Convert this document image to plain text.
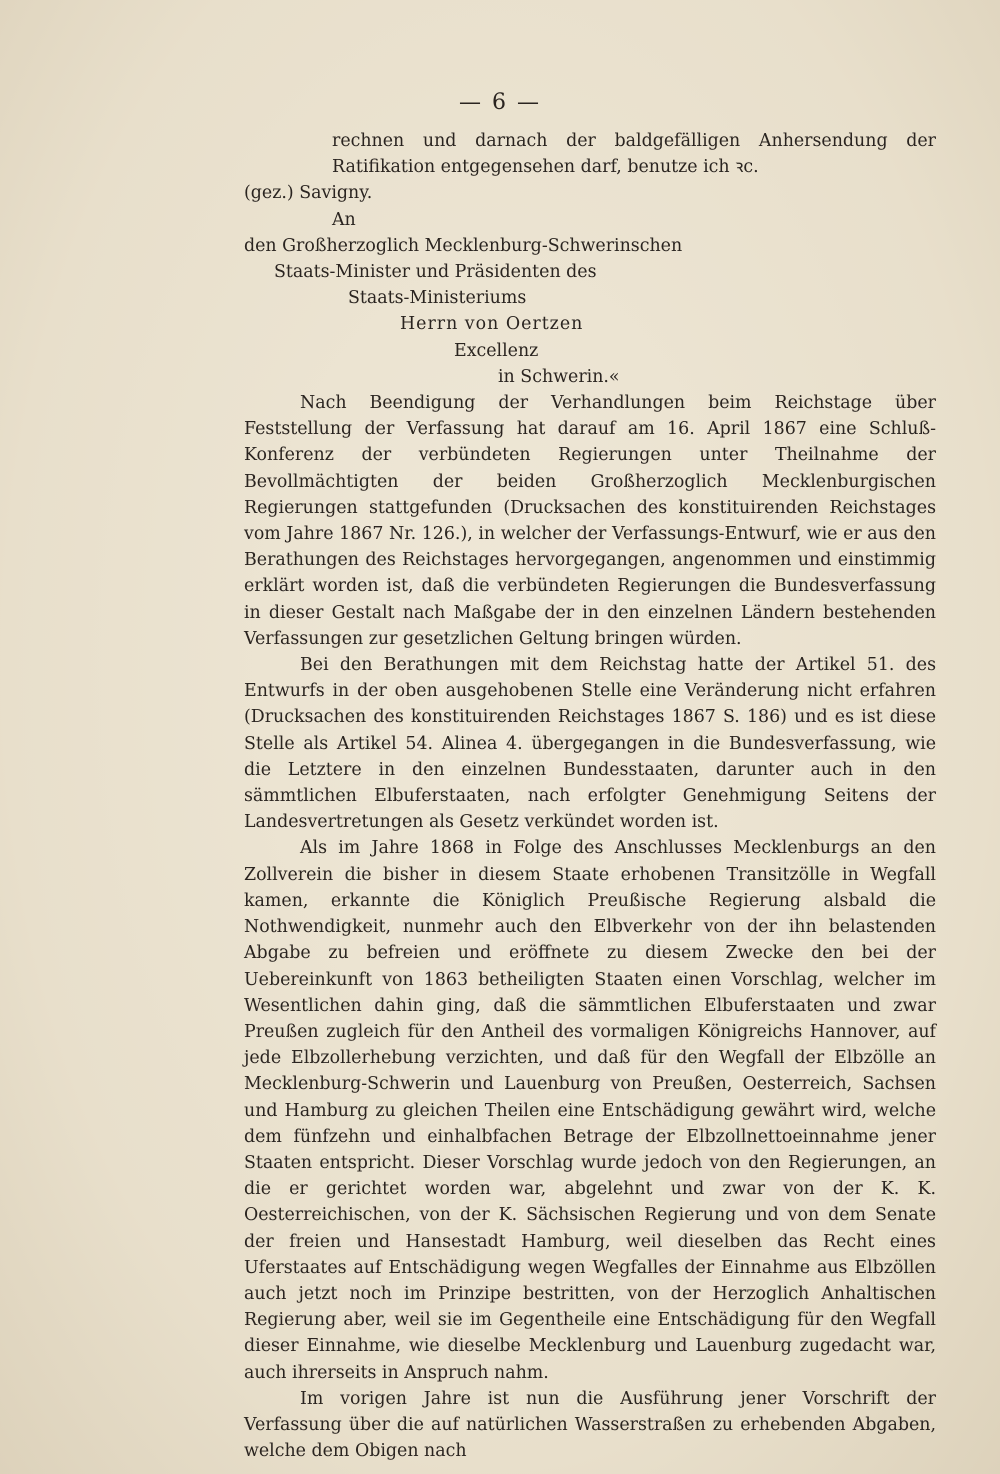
— 6 —

rechnen und darnach der baldgefälligen Anhersendung der Ratifikation entgegensehen darf, benutze ich ꝛc.

(gez.) Savigny.

An

den Großherzoglich Mecklenburg-Schwerinschen

Staats-Minister und Präsidenten des

Staats-Ministeriums

Herrn von Oertzen

Excellenz

in Schwerin.«

Nach Beendigung der Verhandlungen beim Reichstage über Feststellung der Verfassung hat darauf am 16. April 1867 eine Schluß-Konferenz der verbündeten Regierungen unter Theilnahme der Bevollmächtigten der beiden Großherzoglich Mecklenburgischen Regierungen stattgefunden (Drucksachen des konstituirenden Reichstages vom Jahre 1867 Nr. 126.), in welcher der Verfassungs-Entwurf, wie er aus den Berathungen des Reichstages hervorgegangen, angenommen und einstimmig erklärt worden ist, daß die verbündeten Regierungen die Bundesverfassung in dieser Gestalt nach Maßgabe der in den einzelnen Ländern bestehenden Verfassungen zur gesetzlichen Geltung bringen würden.

Bei den Berathungen mit dem Reichstag hatte der Artikel 51. des Entwurfs in der oben ausgehobenen Stelle eine Veränderung nicht erfahren (Drucksachen des konstituirenden Reichstages 1867 S. 186) und es ist diese Stelle als Artikel 54. Alinea 4. übergegangen in die Bundesverfassung, wie die Letztere in den einzelnen Bundesstaaten, darunter auch in den sämmtlichen Elbuferstaaten, nach erfolgter Genehmigung Seitens der Landesvertretungen als Gesetz verkündet worden ist.

Als im Jahre 1868 in Folge des Anschlusses Mecklenburgs an den Zollverein die bisher in diesem Staate erhobenen Transitzölle in Wegfall kamen, erkannte die Königlich Preußische Regierung alsbald die Nothwendigkeit, nunmehr auch den Elbverkehr von der ihn belastenden Abgabe zu befreien und eröffnete zu diesem Zwecke den bei der Uebereinkunft von 1863 betheiligten Staaten einen Vorschlag, welcher im Wesentlichen dahin ging, daß die sämmtlichen Elbuferstaaten und zwar Preußen zugleich für den Antheil des vormaligen Königreichs Hannover, auf jede Elbzollerhebung verzichten, und daß für den Wegfall der Elbzölle an Mecklenburg-Schwerin und Lauenburg von Preußen, Oesterreich, Sachsen und Hamburg zu gleichen Theilen eine Entschädigung gewährt wird, welche dem fünfzehn und einhalbfachen Betrage der Elbzollnettoeinnahme jener Staaten entspricht. Dieser Vorschlag wurde jedoch von den Regierungen, an die er gerichtet worden war, abgelehnt und zwar von der K. K. Oesterreichischen, von der K. Sächsischen Regierung und von dem Senate der freien und Hansestadt Hamburg, weil dieselben das Recht eines Uferstaates auf Entschädigung wegen Wegfalles der Einnahme aus Elbzöllen auch jetzt noch im Prinzipe bestritten, von der Herzoglich Anhaltischen Regierung aber, weil sie im Gegentheile eine Entschädigung für den Wegfall dieser Einnahme, wie dieselbe Mecklenburg und Lauenburg zugedacht war, auch ihrerseits in Anspruch nahm.

Im vorigen Jahre ist nun die Ausführung jener Vorschrift der Verfassung über die auf natürlichen Wasserstraßen zu erhebenden Abgaben, welche dem Obigen nach
